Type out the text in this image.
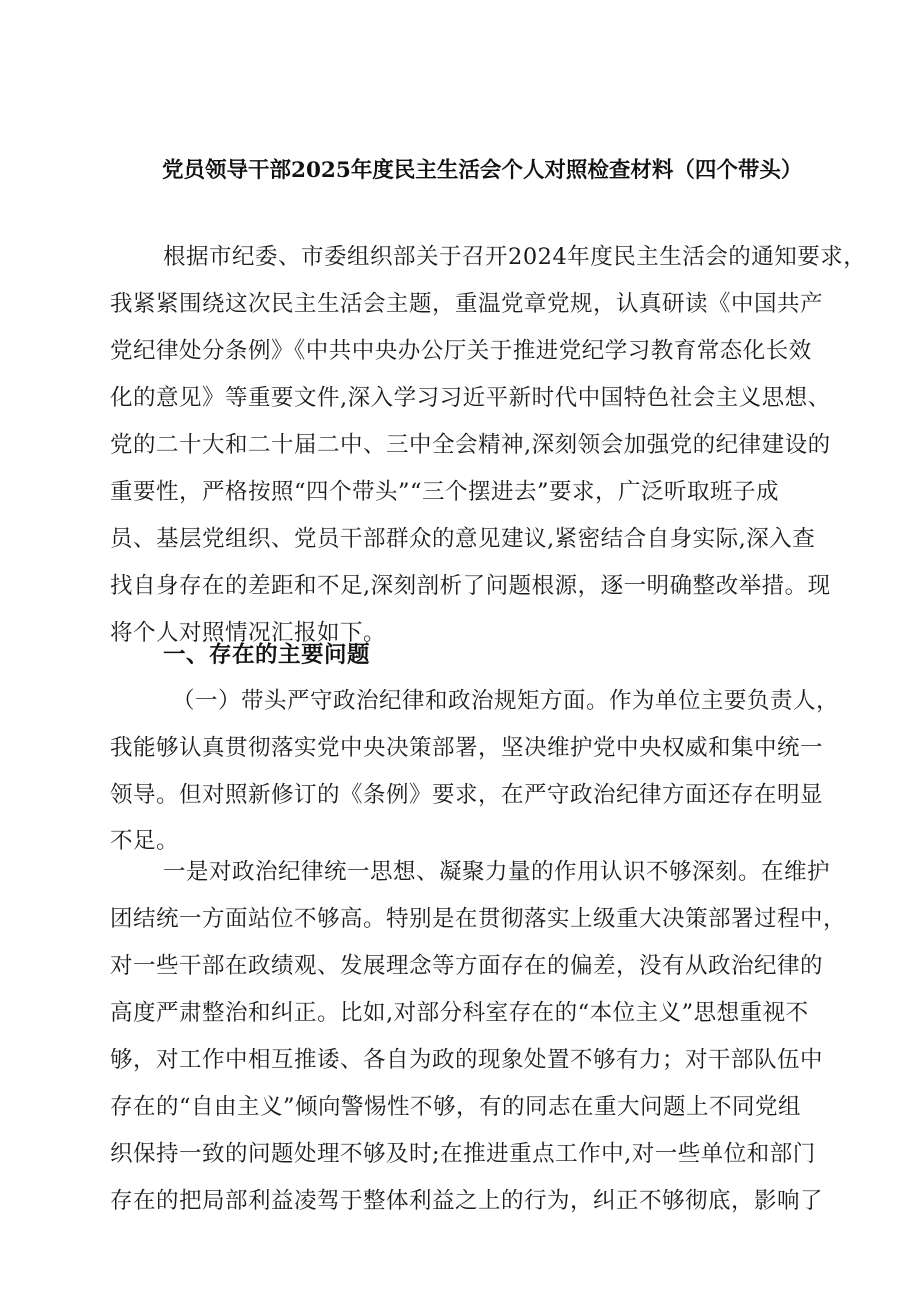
党员领导干部2025年度民主生活会个人对照检查材料（四个带头）
根据市纪委、市委组织部关于召开2024年度民主生活会的通知要求，
我紧紧围绕这次民主生活会主题，重温党章党规，认真研读《中国共产
党纪律处分条例》《中共中央办公厅关于推进党纪学习教育常态化长效
化的意见》等重要文件,深入学习习近平新时代中国特色社会主义思想、
党的二十大和二十届二中、三中全会精神,深刻领会加强党的纪律建设的
重要性，严格按照“四个带头”“三个摆进去”要求，广泛听取班子成
员、基层党组织、党员干部群众的意见建议,紧密结合自身实际,深入查
找自身存在的差距和不足,深刻剖析了问题根源，逐一明确整改举措。现
将个人对照情况汇报如下。
一、存在的主要问题
（一）带头严守政治纪律和政治规矩方面。作为单位主要负责人，
我能够认真贯彻落实党中央决策部署，坚决维护党中央权威和集中统一
领导。但对照新修订的《条例》要求，在严守政治纪律方面还存在明显
不足。
一是对政治纪律统一思想、凝聚力量的作用认识不够深刻。在维护
团结统一方面站位不够高。特别是在贯彻落实上级重大决策部署过程中，
对一些干部在政绩观、发展理念等方面存在的偏差，没有从政治纪律的
高度严肃整治和纠正。比如,对部分科室存在的“本位主义”思想重视不
够，对工作中相互推诿、各自为政的现象处置不够有力；对干部队伍中
存在的“自由主义”倾向警惕性不够，有的同志在重大问题上不同党组
织保持一致的问题处理不够及时;在推进重点工作中,对一些单位和部门
存在的把局部利益凌驾于整体利益之上的行为，纠正不够彻底，影响了
